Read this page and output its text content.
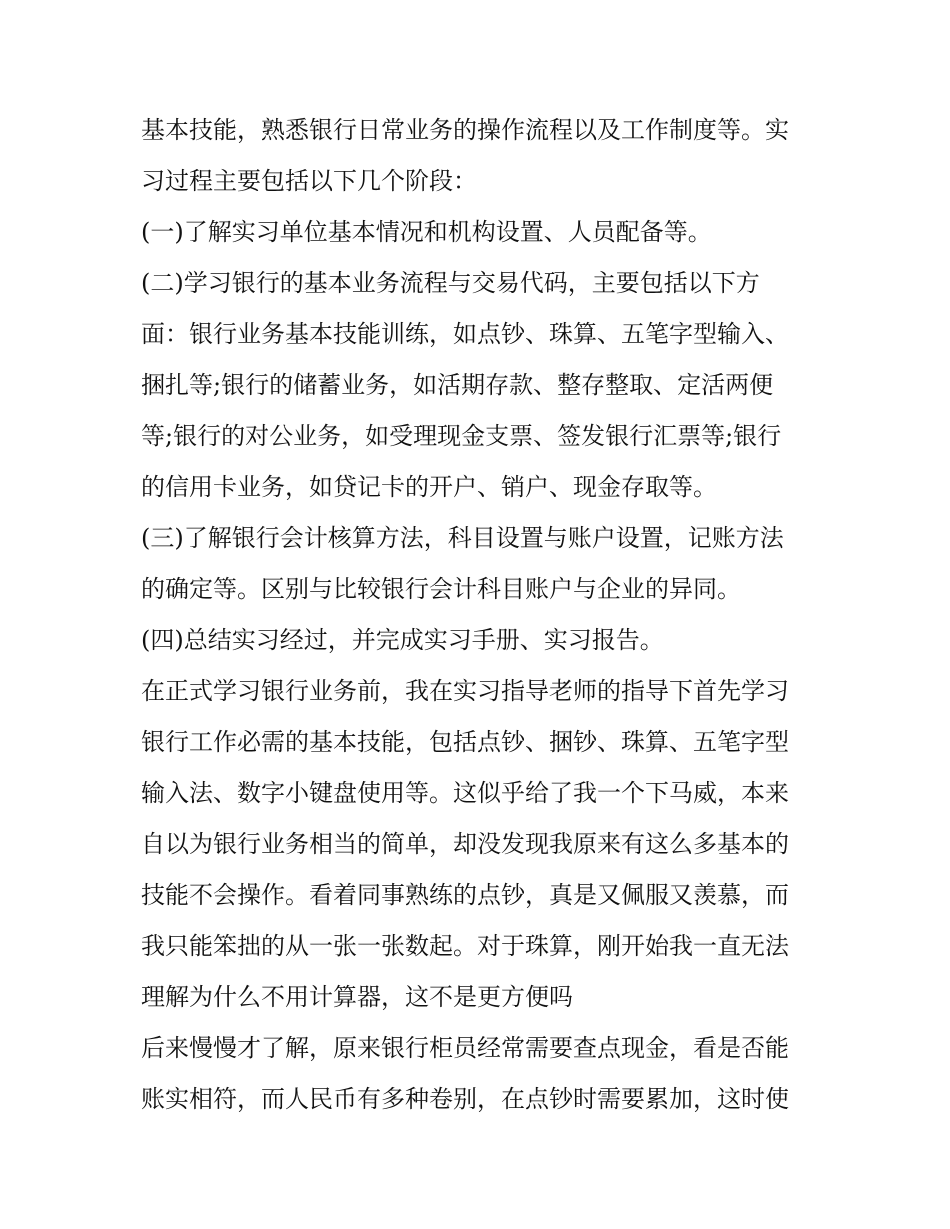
基本技能，熟悉银行日常业务的操作流程以及工作制度等。实
习过程主要包括以下几个阶段：
(一)了解实习单位基本情况和机构设置、人员配备等。
(二)学习银行的基本业务流程与交易代码，主要包括以下方
面：银行业务基本技能训练，如点钞、珠算、五笔字型输入、
捆扎等;银行的储蓄业务，如活期存款、整存整取、定活两便
等;银行的对公业务，如受理现金支票、签发银行汇票等;银行
的信用卡业务，如贷记卡的开户、销户、现金存取等。
(三)了解银行会计核算方法，科目设置与账户设置，记账方法
的确定等。区别与比较银行会计科目账户与企业的异同。
(四)总结实习经过，并完成实习手册、实习报告。
在正式学习银行业务前，我在实习指导老师的指导下首先学习
银行工作必需的基本技能，包括点钞、捆钞、珠算、五笔字型
输入法、数字小键盘使用等。这似乎给了我一个下马威，本来
自以为银行业务相当的简单，却没发现我原来有这么多基本的
技能不会操作。看着同事熟练的点钞，真是又佩服又羡慕，而
我只能笨拙的从一张一张数起。对于珠算，刚开始我一直无法
理解为什么不用计算器，这不是更方便吗
后来慢慢才了解，原来银行柜员经常需要查点现金，看是否能
账实相符，而人民币有多种卷别，在点钞时需要累加，这时使
